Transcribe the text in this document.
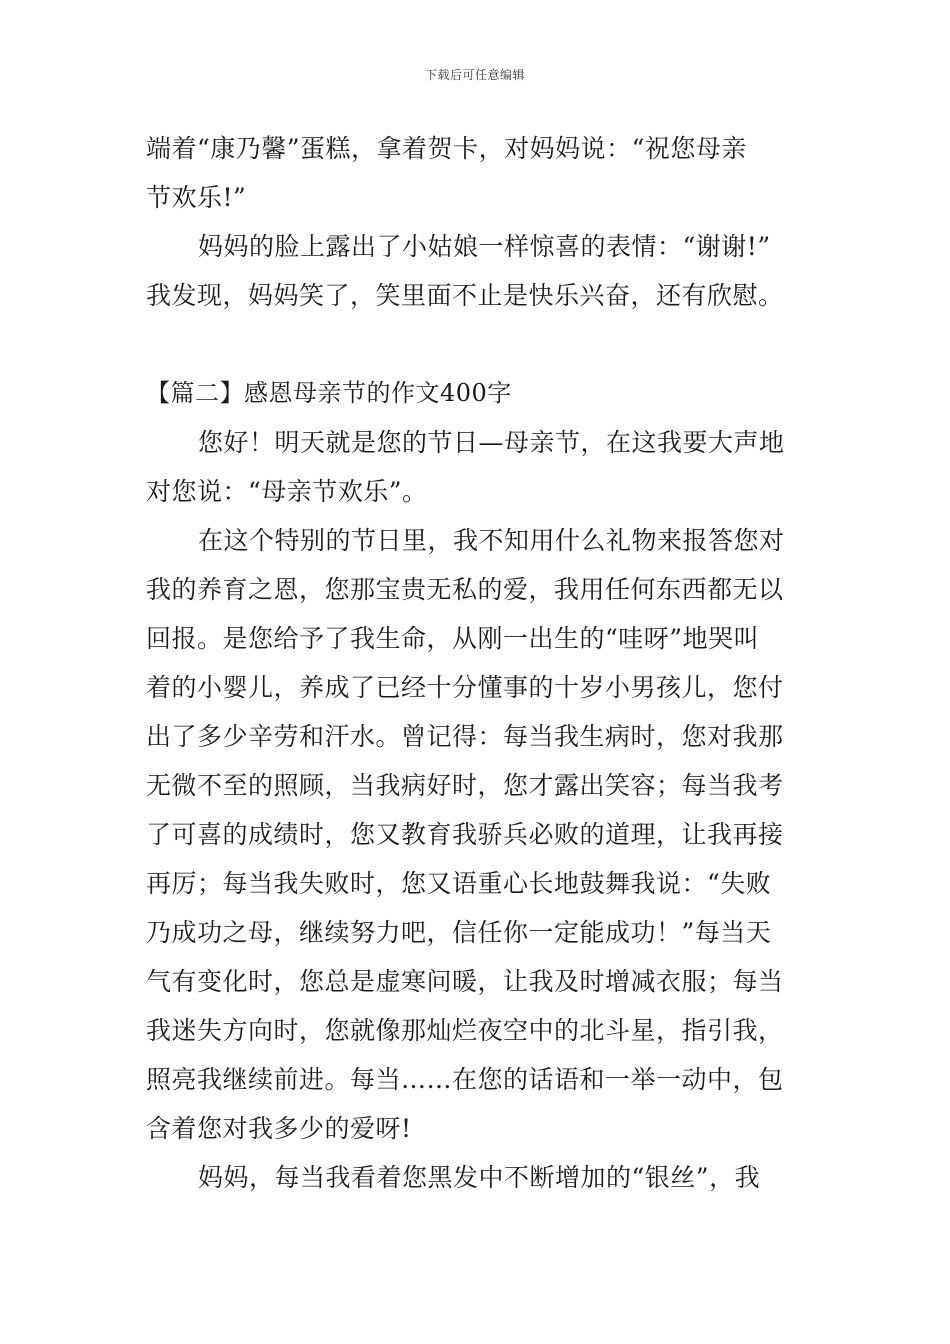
下载后可任意编辑
端着“康乃馨”蛋糕，拿着贺卡，对妈妈说：“祝您母亲
节欢乐!”
妈妈的脸上露出了小姑娘一样惊喜的表情：“谢谢!”
我发现，妈妈笑了，笑里面不止是快乐兴奋，还有欣慰。
【篇二】感恩母亲节的作文400字
您好！明天就是您的节日—母亲节，在这我要大声地
对您说：“母亲节欢乐”。
在这个特别的节日里，我不知用什么礼物来报答您对
我的养育之恩，您那宝贵无私的爱，我用任何东西都无以
回报。是您给予了我生命，从刚一出生的“哇呀”地哭叫
着的小婴儿，养成了已经十分懂事的十岁小男孩儿，您付
出了多少辛劳和汗水。曾记得：每当我生病时，您对我那
无微不至的照顾，当我病好时，您才露出笑容；每当我考
了可喜的成绩时，您又教育我骄兵必败的道理，让我再接
再厉；每当我失败时，您又语重心长地鼓舞我说：“失败
乃成功之母，继续努力吧，信任你一定能成功！”每当天
气有变化时，您总是虚寒问暖，让我及时增减衣服；每当
我迷失方向时，您就像那灿烂夜空中的北斗星，指引我，
照亮我继续前进。每当……在您的话语和一举一动中，包
含着您对我多少的爱呀!
妈妈，每当我看着您黑发中不断增加的“银丝”，我
